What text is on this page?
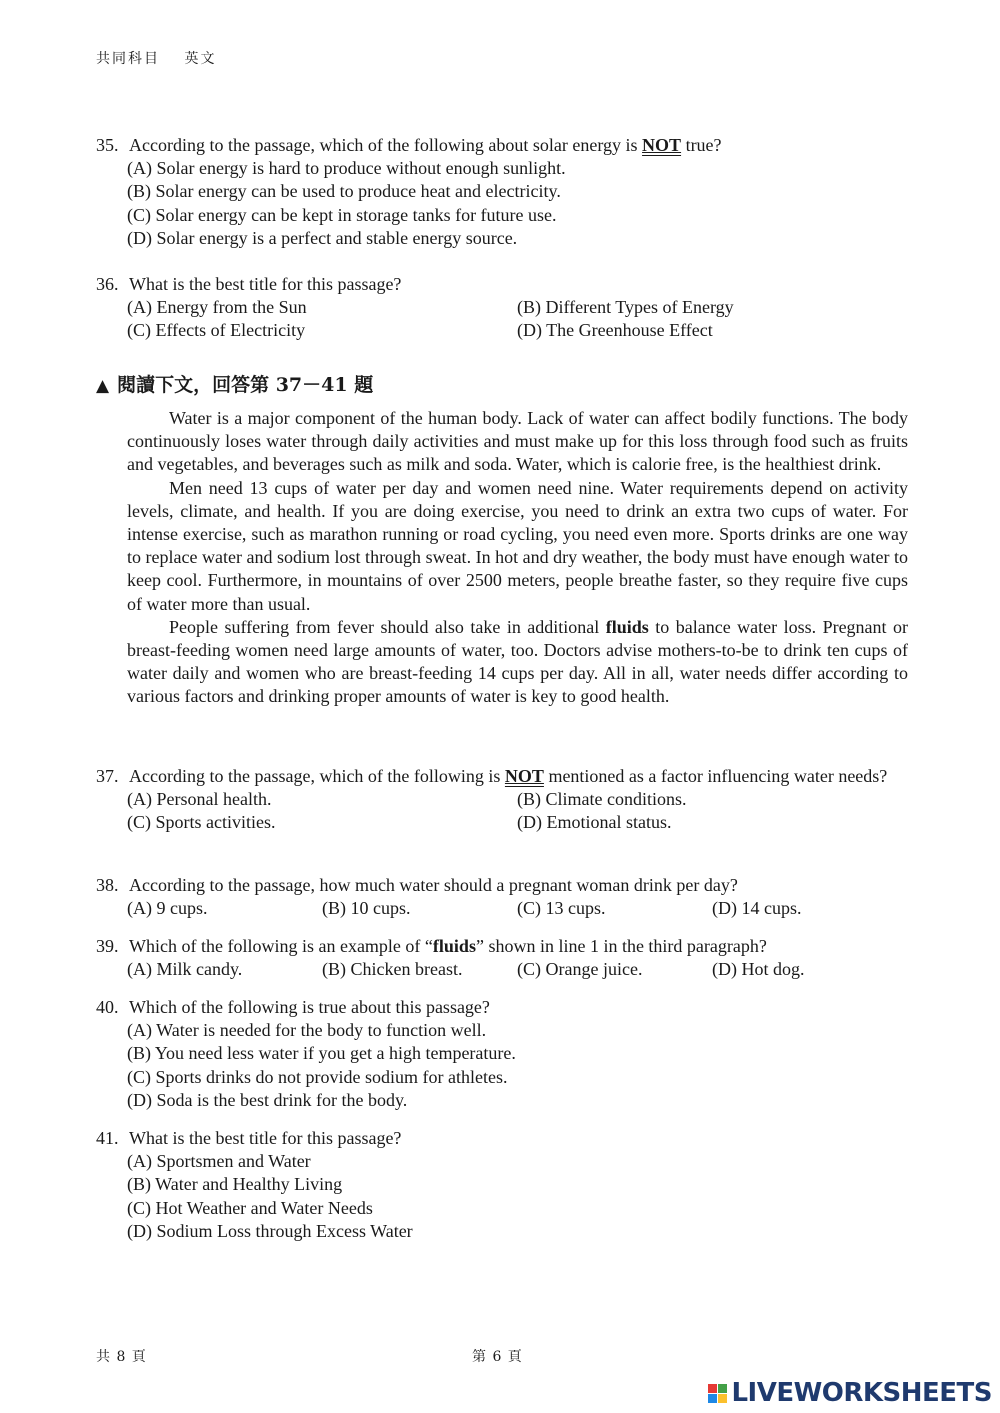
共同科目 英文
35. According to the passage, which of the following about solar energy is NOT true?
(A) Solar energy is hard to produce without enough sunlight.
(B) Solar energy can be used to produce heat and electricity.
(C) Solar energy can be kept in storage tanks for future use.
(D) Solar energy is a perfect and stable energy source.
36. What is the best title for this passage?
(A) Energy from the Sun	(B) Different Types of Energy
(C) Effects of Electricity	(D) The Greenhouse Effect
▲ 閱讀下文，回答第 37－41 題

Water is a major component of the human body. Lack of water can affect bodily functions. The body continuously loses water through daily activities and must make up for this loss through food such as fruits and vegetables, and beverages such as milk and soda. Water, which is calorie free, is the healthiest drink.

Men need 13 cups of water per day and women need nine. Water requirements depend on activity levels, climate, and health. If you are doing exercise, you need to drink an extra two cups of water. For intense exercise, such as marathon running or road cycling, you need even more. Sports drinks are one way to replace water and sodium lost through sweat. In hot and dry weather, the body must have enough water to keep cool. Furthermore, in mountains of over 2500 meters, people breathe faster, so they require five cups of water more than usual.

People suffering from fever should also take in additional fluids to balance water loss. Pregnant or breast-feeding women need large amounts of water, too. Doctors advise mothers-to-be to drink ten cups of water daily and women who are breast-feeding 14 cups per day. All in all, water needs differ according to various factors and drinking proper amounts of water is key to good health.

37. According to the passage, which of the following is NOT mentioned as a factor influencing water needs?
(A) Personal health.	(B) Climate conditions.
(C) Sports activities.	(D) Emotional status.
38. According to the passage, how much water should a pregnant woman drink per day?
(A) 9 cups.	(B) 10 cups.	(C) 13 cups.	(D) 14 cups.
39. Which of the following is an example of “fluids” shown in line 1 in the third paragraph?
(A) Milk candy.	(B) Chicken breast.	(C) Orange juice.	(D) Hot dog.
40. Which of the following is true about this passage?
(A) Water is needed for the body to function well.
(B) You need less water if you get a high temperature.
(C) Sports drinks do not provide sodium for athletes.
(D) Soda is the best drink for the body.
41. What is the best title for this passage?
(A) Sportsmen and Water
(B) Water and Healthy Living
(C) Hot Weather and Water Needs
(D) Sodium Loss through Excess Water
共 8 頁	第 6 頁
LIVEWORKSHEETS
